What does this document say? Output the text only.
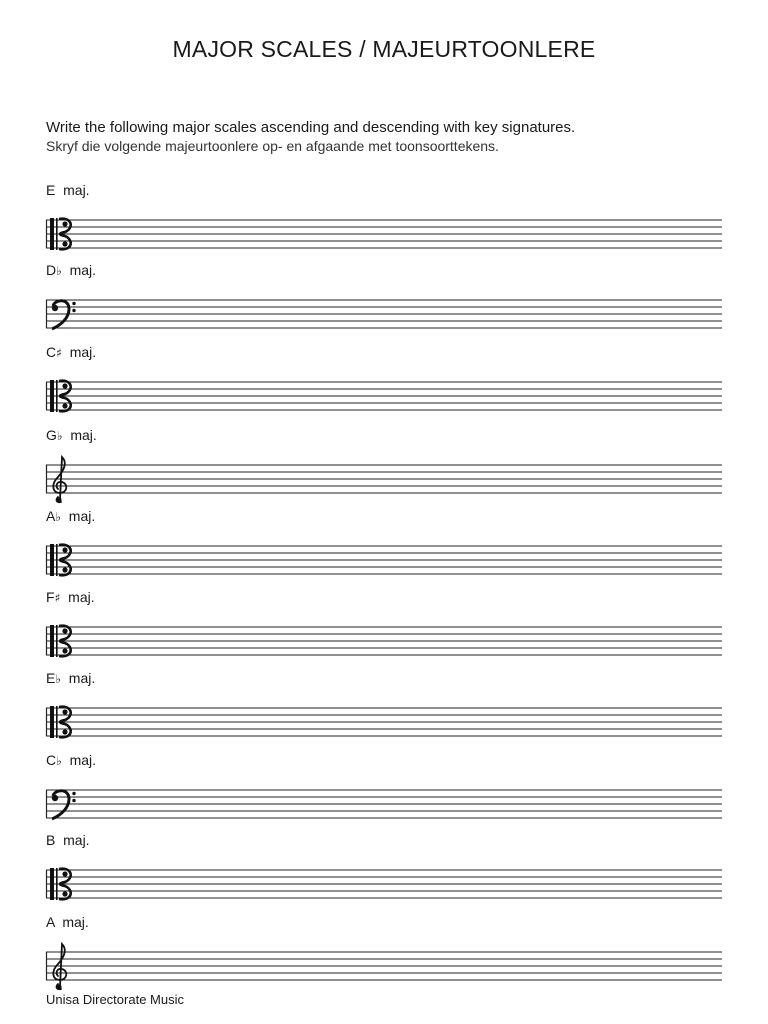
MAJOR SCALES / MAJEURTOONLERE
Write the following major scales ascending and descending with key signatures.
Skryf die volgende majeurtoonlere op- en afgaande met toonsoorttekens.
E maj.
D♭ maj.
C♯ maj.
G♭ maj.
A♭ maj.
F♯ maj.
E♭ maj.
C♭ maj.
B maj.
A maj.
Unisa Directorate Music
